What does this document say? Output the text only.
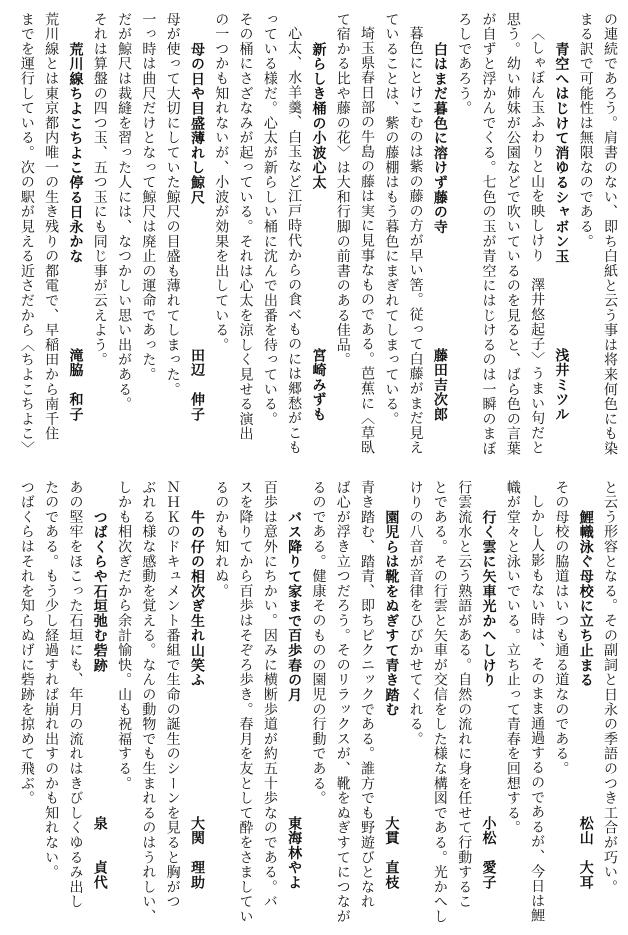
の連続であろう。肩書のない、即ち白紙と云う事は将来何色にも染
まる訳で可能性は無限なのである。
青空へはじけて消ゆるシャボン玉
浅井ミツル
〈しゃぼん玉ふわりと山を映しけり　澤井悠起子〉うまい句だと
思う。幼い姉妹が公園などで吹いているのを見ると、ばら色の言葉
が自ずと浮かんでくる。七色の玉が青空にはじけるのは一瞬のまぼ
ろしであろう。
白はまだ暮色に溶けず藤の寺
藤田吉次郎
暮色にとけこむのは紫の藤の方が早い筈。従って白藤がまだ見え
ていることは、紫の藤棚はもう暮色にまぎれてしまっている。
埼玉県春日部の牛島の藤は実に見事なものである。芭蕉に〈草臥
て宿かる比や藤の花〉は大和行脚の前書のある佳品。
新らしき桶の小波心太
宮崎みずも
心太、水羊羹、白玉など江戸時代からの食べものには郷愁がこも
っている様だ。心太が新らしい桶に沈んで出番を待っている。
その桶にさざなみが起っている。それは心太を涼しく見せる演出
の一つかも知れないが、小波が効果を出している。
母の日や目盛薄れし鯨尺
田辺　伸子
母が使って大切にしていた鯨尺の目盛も薄れてしまった。
一っ時は曲尺だけとなって鯨尺は廃止の運命であった。
だが鯨尺は裁縫を習った人には、なつかしい思い出がある。
それは算盤の四つ玉、五つ玉にも同じ事が云えよう。
荒川線ちよこちよこ停る日永かな
滝脇　和子
荒川線とは東京都内唯一の生き残りの都電で、早稲田から南千住
までを運行している。次の駅が見える近さだから〈ちよこちよこ〉
と云う形容となる。その副詞と日永の季語のつき工合が巧い。
鯉幟泳ぐ母校に立ち止まる
松山　大耳
その母校の脇道はいつも通る道なのである。
しかし人影もない時は、そのまま通過するのであるが、今日は鯉
幟が堂々と泳いでいる。立ち止って青春を回想する。
行く雲に矢車光かへしけり
小松　愛子
行雲流水と云う熟語がある。自然の流れに身を任せて行動するこ
とである。その行雲と矢車が交信をした様な構図である。光かへし
けりの八音が音律をひびかせてくれる。
園児らは靴をぬぎすて青き踏む
大貫　直枝
青き踏む、踏青、即ちピクニックである。誰方でも野遊びとなれ
ば心が浮き立つだろう。そのリラックスが、靴をぬぎすてにつなが
るのである。健康そのものの園児の行動である。
バス降りて家まで百歩春の月
東海林やよ
百歩は意外にちかい。因みに横断歩道が約五十歩なのである。バ
スを降りてから百歩はそぞろ歩き。春月を友として酔をさましてい
るのかも知れぬ。
牛の仔の相次ぎ生れ山笑ふ
大関　理助
ＮＨＫのドキュメント番組で生命の誕生のシーンを見ると胸がつ
ぶれる様な感動を覚える。なんの動物でも生まれるのはうれしい、
しかも相次ぎだから余計愉快。山も祝福する。
つばくらや石垣弛む砦跡
泉　　貞代
あの堅牢をほこった石垣にも、年月の流れはきびしくゆるみ出し
たのである。もう少し経過すれば崩れ出すのかも知れない。
つばくらはそれを知らぬげに砦跡を掠めて飛ぶ。
